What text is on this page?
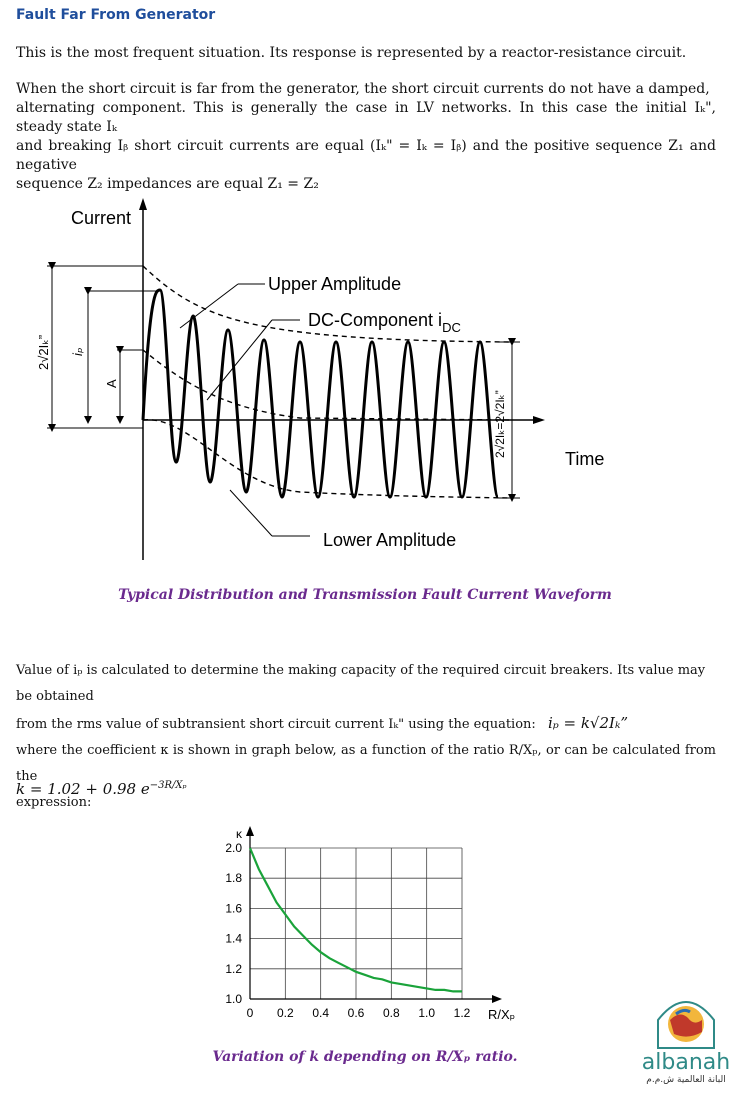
Fault Far From Generator
This is the most frequent situation. Its response is represented by a reactor-resistance circuit.
When the short circuit is far from the generator, the short circuit currents do not have a damped,
alternating component. This is generally the case in LV networks. In this case the initial Iₖ", steady state Iₖ
and breaking Iᵦ short circuit currents are equal (Iₖ" = Iₖ = Iᵦ) and the positive sequence Z₁ and negative
sequence Z₂ impedances are equal Z₁ = Z₂
Current
Time
2√2Iₖ” iₚ
A
2√2Iₖ=2√2Iₖ”
Upper Amplitude
DC-Component $i_{DC}$
Lower Amplitude
Typical Distribution and Transmission Fault Current Waveform
Value of iₚ is calculated to determine the making capacity of the required circuit breakers. Its value may be obtained
from the rms value of subtransient short circuit current Iₖ" using the equation: iₚ = k√2Iₖ”
where the coefficient κ is shown in graph below, as a function of the ratio R/Xₚ, or can be calculated from the
expression:
k = 1.02 + 0.98 $e^{-3R/X_p}$
0 0.2 0.4 0.6 0.8 1.0 1.2
1.0
1.2
1.4
1.6
1.8
2.0
κ
R/Xₚ
Variation of k depending on R/Xₚ ratio.	albanah
البانة العالمية ش.م.م
